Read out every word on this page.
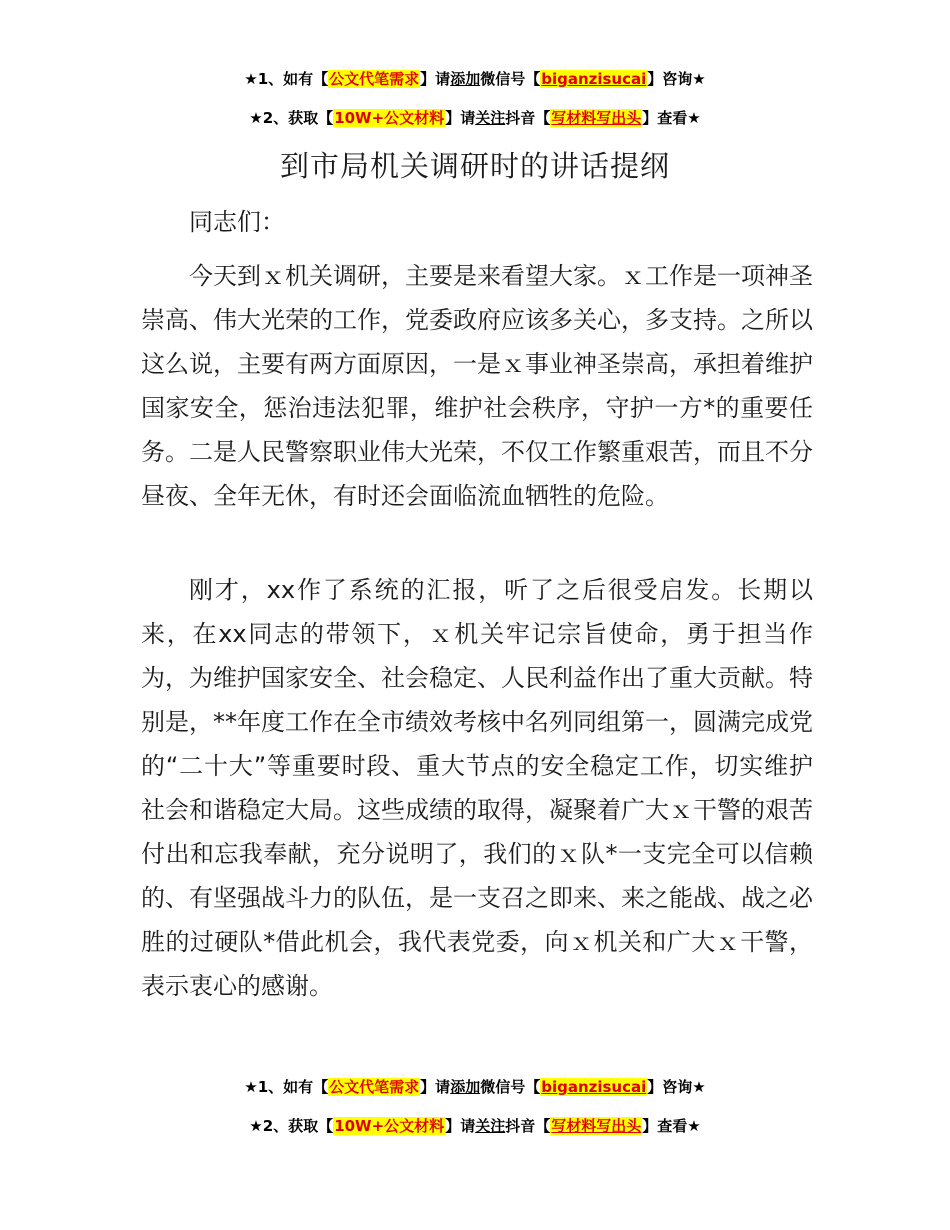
★1、如有【公文代笔需求】请添加微信号【biganzisucai】咨询★
★2、获取【10W+公文材料】请关注抖音【写材料写出头】查看★
到市局机关调研时的讲话提纲

同志们：

今天到ｘ机关调研，主要是来看望大家。ｘ工作是一项神圣崇高、伟大光荣的工作，党委政府应该多关心，多支持。之所以这么说，主要有两方面原因，一是ｘ事业神圣崇高，承担着维护国家安全，惩治违法犯罪，维护社会秩序，守护一方*的重要任务。二是人民警察职业伟大光荣，不仅工作繁重艰苦，而且不分昼夜、全年无休，有时还会面临流血牺牲的危险。

刚才，xx作了系统的汇报，听了之后很受启发。长期以来，在xx同志的带领下，ｘ机关牢记宗旨使命，勇于担当作为，为维护国家安全、社会稳定、人民利益作出了重大贡献。特别是，**年度工作在全市绩效考核中名列同组第一，圆满完成党的“二十大”等重要时段、重大节点的安全稳定工作，切实维护社会和谐稳定大局。这些成绩的取得，凝聚着广大ｘ干警的艰苦付出和忘我奉献，充分说明了，我们的ｘ队*一支完全可以信赖的、有坚强战斗力的队伍，是一支召之即来、来之能战、战之必胜的过硬队*借此机会，我代表党委，向ｘ机关和广大ｘ干警，表示衷心的感谢。

★1、如有【公文代笔需求】请添加微信号【biganzisucai】咨询★
★2、获取【10W+公文材料】请关注抖音【写材料写出头】查看★
